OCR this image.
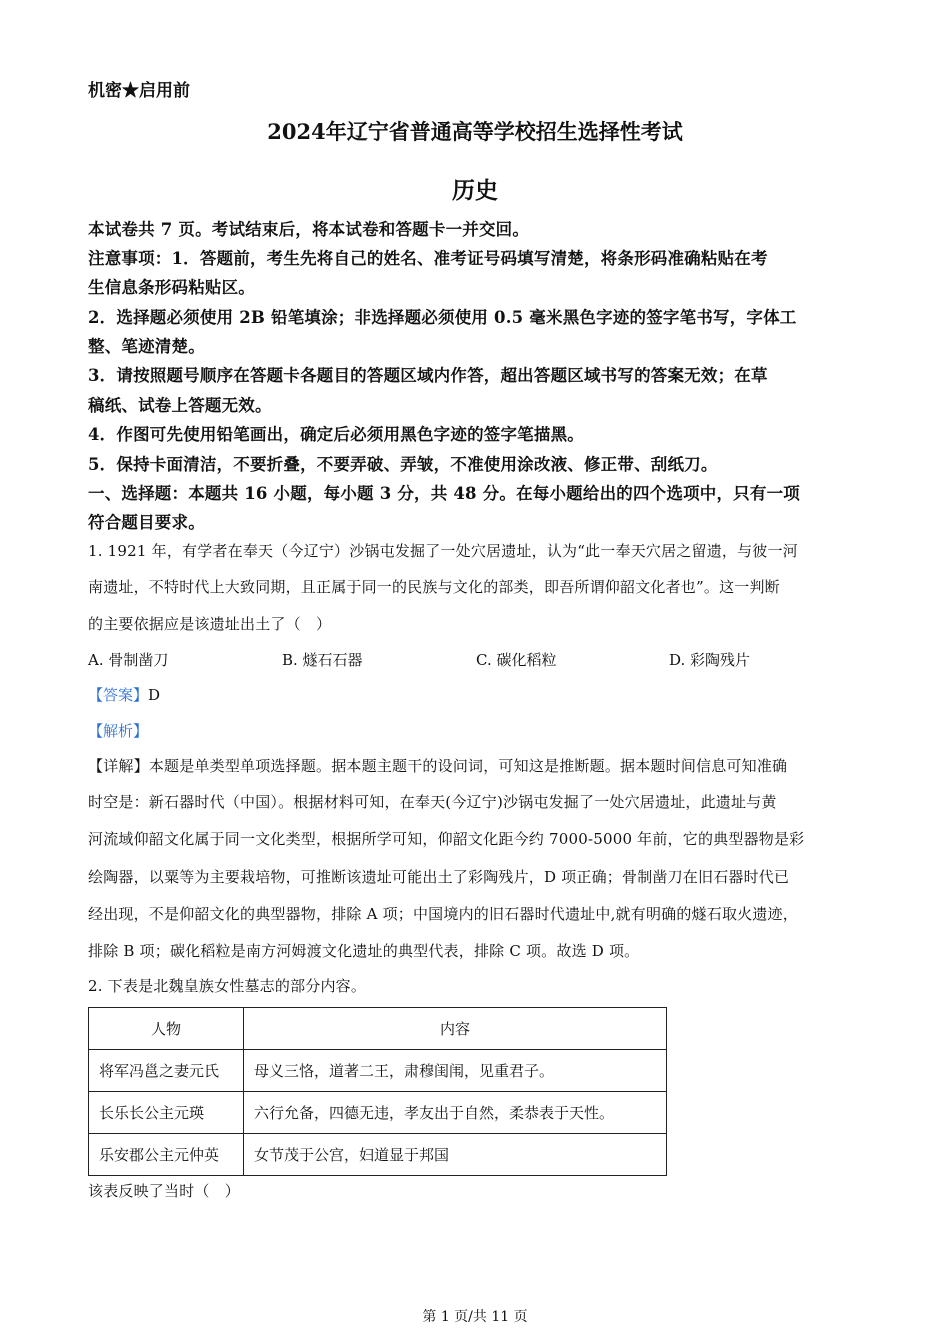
机密★启用前
2024年辽宁省普通高等学校招生选择性考试
历史
本试卷共 7 页。考试结束后，将本试卷和答题卡一并交回。
注意事项：1．答题前，考生先将自己的姓名、准考证号码填写清楚，将条形码准确粘贴在考
生信息条形码粘贴区。
2．选择题必须使用 2B 铅笔填涂；非选择题必须使用 0.5 毫米黑色字迹的签字笔书写，字体工
整、笔迹清楚。
3．请按照题号顺序在答题卡各题目的答题区域内作答，超出答题区域书写的答案无效；在草
稿纸、试卷上答题无效。
4．作图可先使用铅笔画出，确定后必须用黑色字迹的签字笔描黑。
5．保持卡面清洁，不要折叠，不要弄破、弄皱，不准使用涂改液、修正带、刮纸刀。
一、选择题：本题共 16 小题，每小题 3 分，共 48 分。在每小题给出的四个选项中，只有一项
符合题目要求。
1. 1921 年，有学者在奉天（今辽宁）沙锅屯发掘了一处穴居遗址，认为“此一奉天穴居之留遗，与彼一河
南遗址，不特时代上大致同期，且正属于同一的民族与文化的部类，即吾所谓仰韶文化者也”。这一判断
的主要依据应是该遗址出土了（　）
A. 骨制凿刀	B. 燧石石器	C. 碳化稻粒	D. 彩陶残片
【答案】D
【解析】
【详解】本题是单类型单项选择题。据本题主题干的设问词，可知这是推断题。据本题时间信息可知准确
时空是：新石器时代（中国）。根据材料可知，在奉天(今辽宁)沙锅屯发掘了一处穴居遗址，此遗址与黄
河流域仰韶文化属于同一文化类型，根据所学可知，仰韶文化距今约 7000-5000 年前，它的典型器物是彩
绘陶器，以粟等为主要栽培物，可推断该遗址可能出土了彩陶残片，D 项正确；骨制凿刀在旧石器时代已
经出现，不是仰韶文化的典型器物，排除 A 项；中国境内的旧石器时代遗址中,就有明确的燧石取火遗迹，
排除 B 项；碳化稻粒是南方河姆渡文化遗址的典型代表，排除 C 项。故选 D 项。
2. 下表是北魏皇族女性墓志的部分内容。
人物	内容
将军冯邕之妻元氏	母义三恪，道著二王，肃穆闺闱，见重君子。
长乐长公主元瑛	六行允备，四德无违，孝友出于自然，柔恭表于天性。
乐安郡公主元仲英	女节茂于公宫，妇道显于邦国
该表反映了当时（　）
第 1 页/共 11 页
